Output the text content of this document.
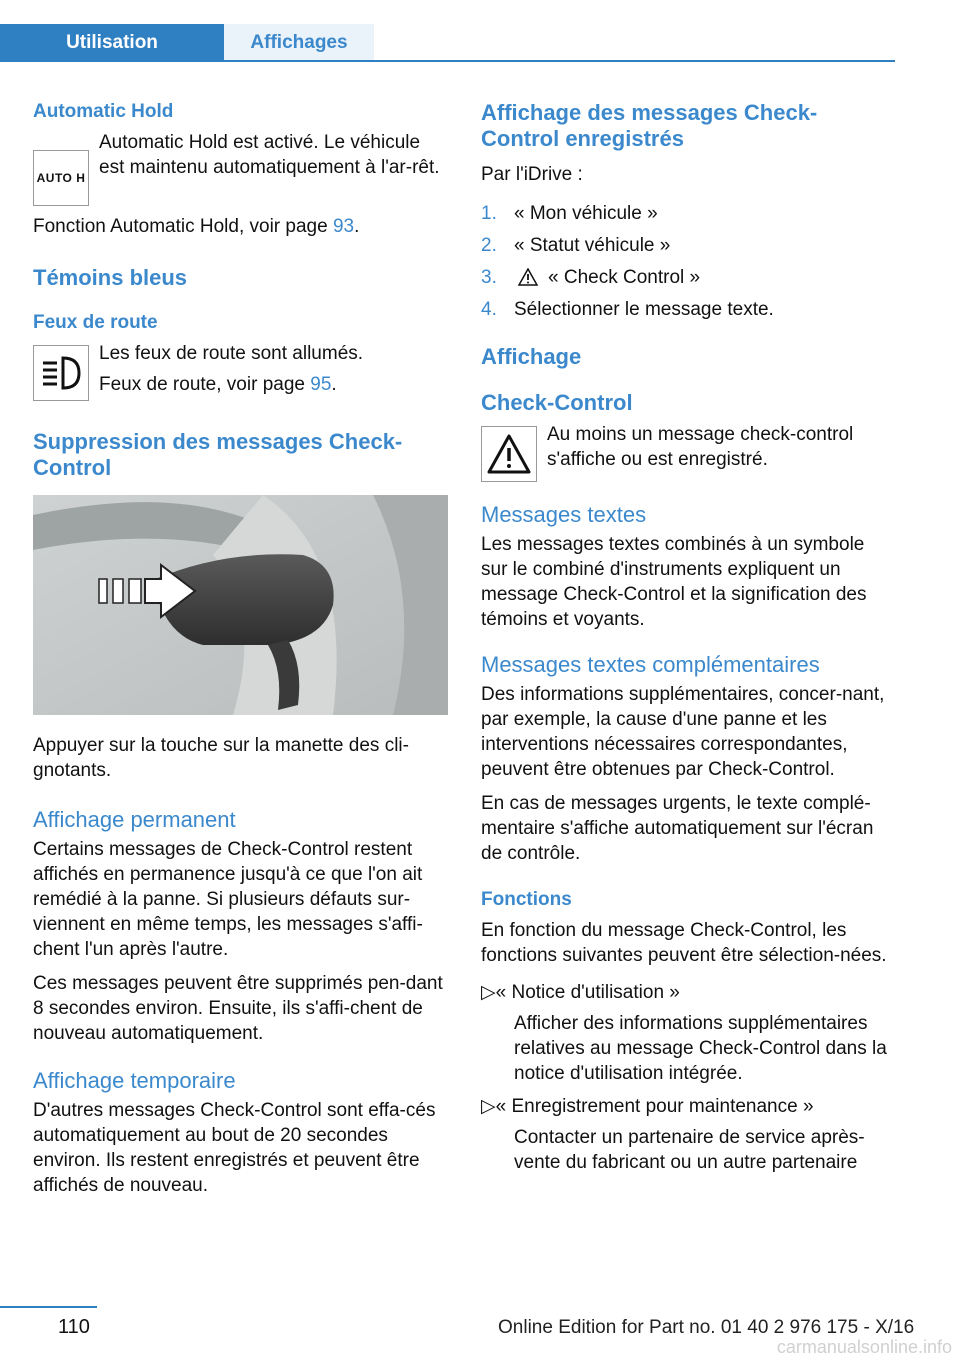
Utilisation	Affichages
Automatic Hold
AUTO H

Automatic Hold est activé. Le véhicule est maintenu automatiquement à l'ar-rêt.

Fonction Automatic Hold, voir page 93.

Témoins bleus
Feux de route

Les feux de route sont allumés.

Feux de route, voir page 95.

Suppression des messages Check-Control

Appuyer sur la touche sur la manette des cli-gnotants.

Affichage permanent

Certains messages de Check-Control restent affichés en permanence jusqu'à ce que l'on ait remédié à la panne. Si plusieurs défauts sur-viennent en même temps, les messages s'affi-chent l'un après l'autre.

Ces messages peuvent être supprimés pen-dant 8 secondes environ. Ensuite, ils s'affi-chent de nouveau automatiquement.

Affichage temporaire

D'autres messages Check-Control sont effa-cés automatiquement au bout de 20 secondes environ. Ils restent enregistrés et peuvent être affichés de nouveau.

Affichage des messages Check-Control enregistrés

Par l'iDrive :

1. « Mon véhicule »
2. « Statut véhicule »
3.	« Check Control »
4. Sélectionner le message texte.
Affichage
Check-Control

Au moins un message check-control s'affiche ou est enregistré.

Messages textes

Les messages textes combinés à un symbole sur le combiné d'instruments expliquent un message Check-Control et la signification des témoins et voyants.

Messages textes complémentaires

Des informations supplémentaires, concer-nant, par exemple, la cause d'une panne et les interventions nécessaires correspondantes, peuvent être obtenues par Check-Control.

En cas de messages urgents, le texte complé-mentaire s'affiche automatiquement sur l'écran de contrôle.

Fonctions

En fonction du message Check-Control, les fonctions suivantes peuvent être sélection-nées.

▷ « Notice d'utilisation »

Afficher des informations supplémentaires relatives au message Check-Control dans la notice d'utilisation intégrée.

▷ « Enregistrement pour maintenance »

Contacter un partenaire de service après-vente du fabricant ou un autre partenaire

110	Online Edition for Part no. 01 40 2 976 175 - X/16
carmanualsonline.info
